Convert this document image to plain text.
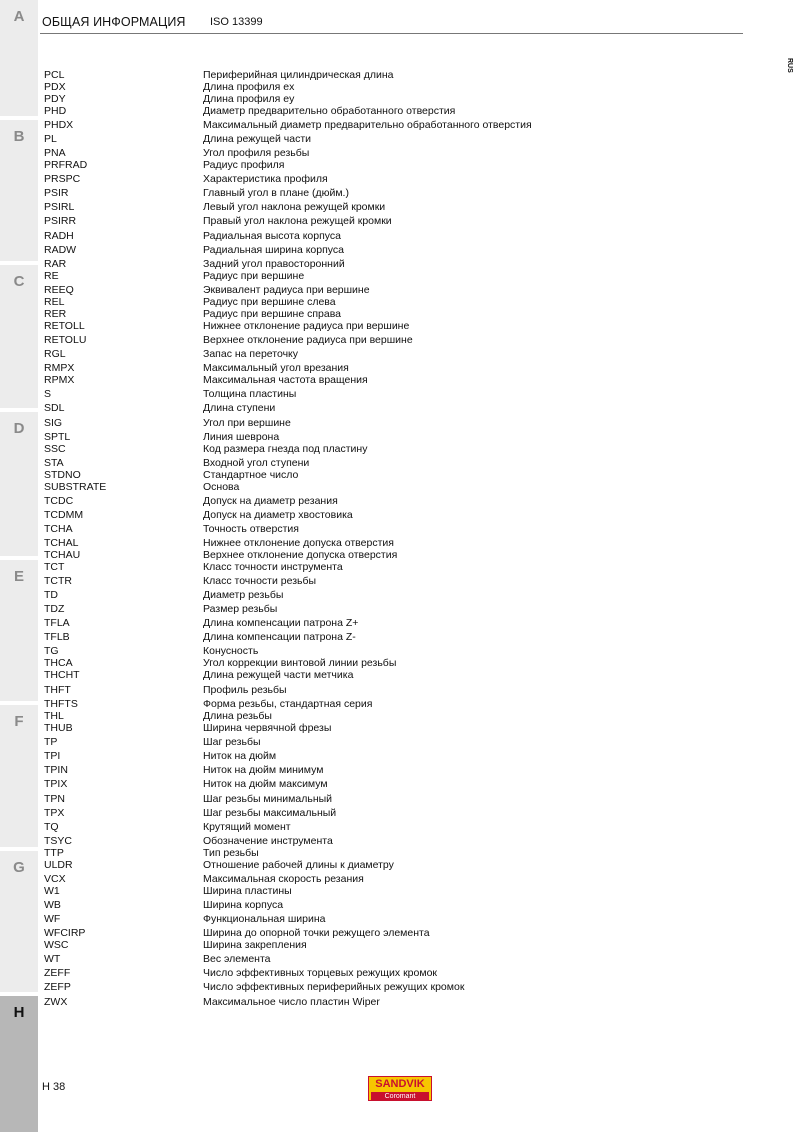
A
B
C
D
E
F
G
H
ОБЩАЯ ИНФОРМАЦИЯ ISO 13399
RUS
PCL	Периферийная цилиндрическая длина
PDX	Длина профиля ex
PDY	Длина профиля ey
PHD	Диаметр предварительно обработанного отверстия
PHDX	Максимальный диаметр предварительно обработанного отверстия
PL	Длина режущей части
PNA	Угол профиля резьбы
PRFRAD	Радиус профиля
PRSPC	Характеристика профиля
PSIR	Главный угол в плане (дюйм.)
PSIRL	Левый угол наклона режущей кромки
PSIRR	Правый угол наклона режущей кромки
RADH	Радиальная высота корпуса
RADW	Радиальная ширина корпуса
RAR	Задний угол правосторонний
RE	Радиус при вершине
REEQ	Эквивалент радиуса при вершине
REL	Радиус при вершине слева
RER	Радиус при вершине справа
RETOLL	Нижнее отклонение радиуса при вершине
RETOLU	Верхнее отклонение радиуса при вершине
RGL	Запас на переточку
RMPX	Максимальный угол врезания
RPMX	Максимальная частота вращения
S	Толщина пластины
SDL	Длина ступени
SIG	Угол при вершине
SPTL	Линия шеврона
SSC	Код размера гнезда под пластину
STA	Входной угол ступени
STDNO	Стандартное число
SUBSTRATE	Основа
TCDC	Допуск на диаметр резания
TCDMM	Допуск на диаметр хвостовика
TCHA	Точность отверстия
TCHAL	Нижнее отклонение допуска отверстия
TCHAU	Верхнее отклонение допуска отверстия
TCT	Класс точности инструмента
TCTR	Класс точности резьбы
TD	Диаметр резьбы
TDZ	Размер резьбы
TFLA	Длина компенсации патрона Z+
TFLB	Длина компенсации патрона Z-
TG	Конусность
THCA	Угол коррекции винтовой линии резьбы
THCHT	Длина режущей части метчика
THFT	Профиль резьбы
THFTS	Форма резьбы, стандартная серия
THL	Длина резьбы
THUB	Ширина червячной фрезы
TP	Шаг резьбы
TPI	Ниток на дюйм
TPIN	Ниток на дюйм минимум
TPIX	Ниток на дюйм максимум
TPN	Шаг резьбы минимальный
TPX	Шаг резьбы максимальный
TQ	Крутящий момент
TSYC	Обозначение инструмента
TTP	Тип резьбы
ULDR	Отношение рабочей длины к диаметру
VCX	Максимальная скорость резания
W1	Ширина пластины
WB	Ширина корпуса
WF	Функциональная ширина
WFCIRP	Ширина до опорной точки режущего элемента
WSC	Ширина закрепления
WT	Вес элемента
ZEFF	Число эффективных торцевых режущих кромок
ZEFP	Число эффективных периферийных режущих кромок
ZWX	Максимальное число пластин Wiper
H 38	SANDVIK
Coromant
